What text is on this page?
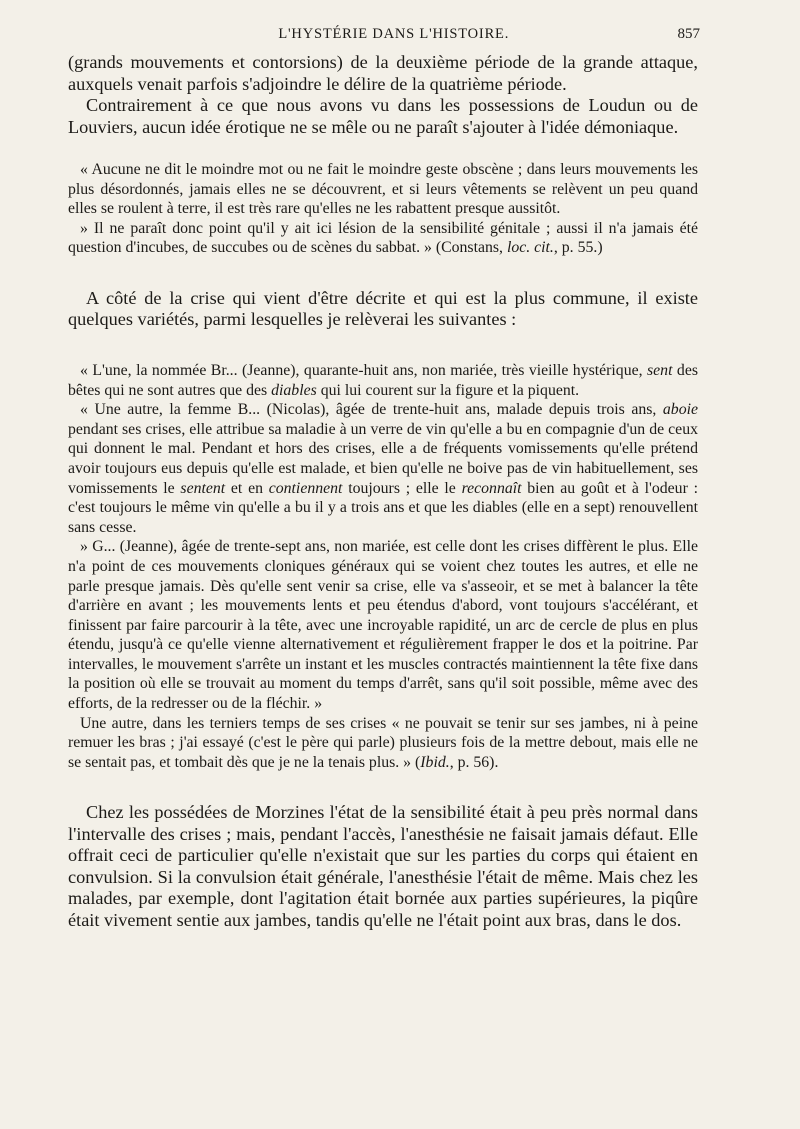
L'HYSTÉRIE DANS L'HISTOIRE.	857

(grands mouvements et contorsions) de la deuxième période de la grande attaque, auxquels venait parfois s'adjoindre le délire de la quatrième période.
Contrairement à ce que nous avons vu dans les possessions de Loudun ou de Louviers, aucun idée érotique ne se mêle ou ne paraît s'ajouter à l'idée démoniaque.

« Aucune ne dit le moindre mot ou ne fait le moindre geste obscène ; dans leurs mouvements les plus désordonnés, jamais elles ne se découvrent, et si leurs vêtements se relèvent un peu quand elles se roulent à terre, il est très rare qu'elles ne les rabattent presque aussitôt.

» Il ne paraît donc point qu'il y ait ici lésion de la sensibilité génitale ; aussi il n'a jamais été question d'incubes, de succubes ou de scènes du sabbat. » (Constans, loc. cit., p. 55.)

A côté de la crise qui vient d'être décrite et qui est la plus commune, il existe quelques variétés, parmi lesquelles je relèverai les suivantes :

« L'une, la nommée Br... (Jeanne), quarante-huit ans, non mariée, très vieille hystérique, sent des bêtes qui ne sont autres que des diables qui lui courent sur la figure et la piquent.

« Une autre, la femme B... (Nicolas), âgée de trente-huit ans, malade depuis trois ans, aboie pendant ses crises, elle attribue sa maladie à un verre de vin qu'elle a bu en compagnie d'un de ceux qui donnent le mal. Pendant et hors des crises, elle a de fréquents vomissements qu'elle prétend avoir toujours eus depuis qu'elle est malade, et bien qu'elle ne boive pas de vin habituellement, ses vomissements le sentent et en contiennent toujours ; elle le reconnaît bien au goût et à l'odeur : c'est toujours le même vin qu'elle a bu il y a trois ans et que les diables (elle en a sept) renouvellent sans cesse.

» G... (Jeanne), âgée de trente-sept ans, non mariée, est celle dont les crises diffèrent le plus. Elle n'a point de ces mouvements cloniques généraux qui se voient chez toutes les autres, et elle ne parle presque jamais. Dès qu'elle sent venir sa crise, elle va s'asseoir, et se met à balancer la tête d'arrière en avant ; les mouvements lents et peu étendus d'abord, vont toujours s'accélérant, et finissent par faire parcourir à la tête, avec une incroyable rapidité, un arc de cercle de plus en plus étendu, jusqu'à ce qu'elle vienne alternativement et régulièrement frapper le dos et la poitrine. Par intervalles, le mouvement s'arrête un instant et les muscles contractés maintiennent la tête fixe dans la position où elle se trouvait au moment du temps d'arrêt, sans qu'il soit possible, même avec des efforts, de la redresser ou de la fléchir. »

Une autre, dans les terniers temps de ses crises « ne pouvait se tenir sur ses jambes, ni à peine remuer les bras ; j'ai essayé (c'est le père qui parle) plusieurs fois de la mettre debout, mais elle ne se sentait pas, et tombait dès que je ne la tenais plus. » (Ibid., p. 56).

Chez les possédées de Morzines l'état de la sensibilité était à peu près normal dans l'intervalle des crises ; mais, pendant l'accès, l'anesthésie ne faisait jamais défaut. Elle offrait ceci de particulier qu'elle n'existait que sur les parties du corps qui étaient en convulsion. Si la convulsion était générale, l'anesthésie l'était de même. Mais chez les malades, par exemple, dont l'agitation était bornée aux parties supérieures, la piqûre était vivement sentie aux jambes, tandis qu'elle ne l'était point aux bras, dans le dos.
